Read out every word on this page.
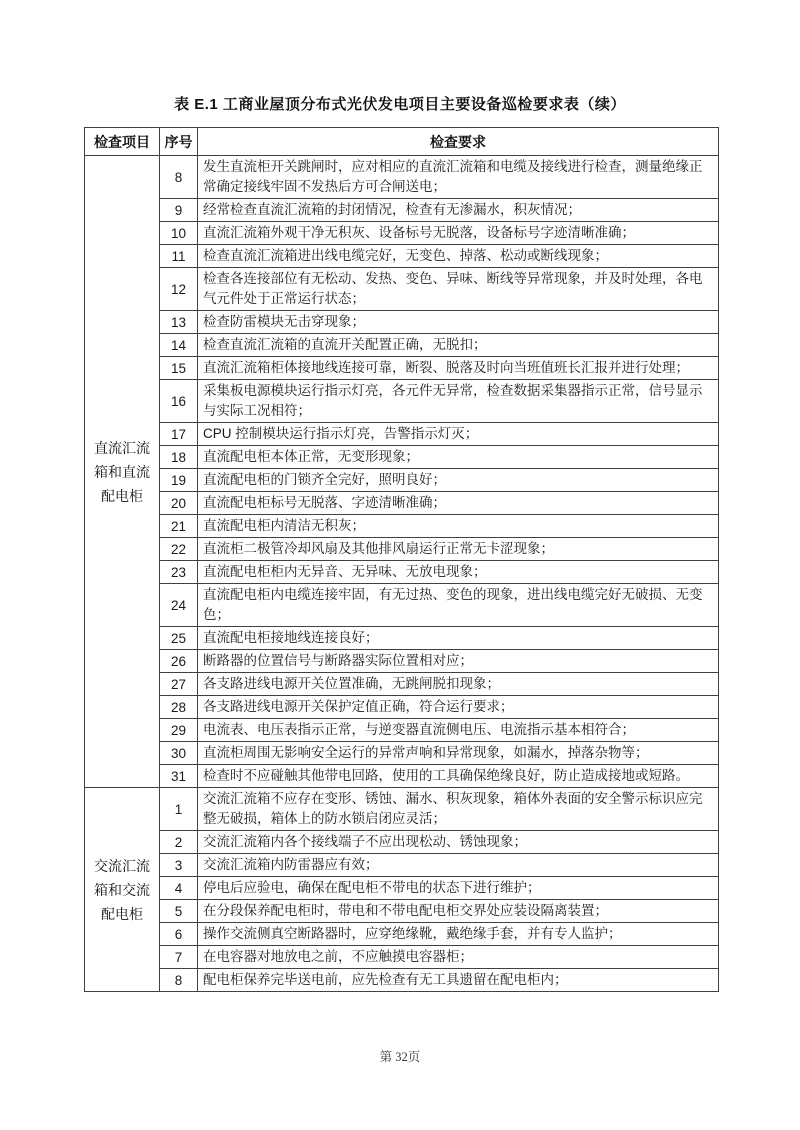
表 E.1 工商业屋顶分布式光伏发电项目主要设备巡检要求表（续）
检查项目	序号	检查要求
直流汇流箱和直流配电柜	8	发生直流柜开关跳闸时，应对相应的直流汇流箱和电缆及接线进行检查，测量绝缘正常确定接线牢固不发热后方可合闸送电；
	9	经常检查直流汇流箱的封闭情况，检查有无渗漏水，积灰情况；
	10	直流汇流箱外观干净无积灰、设备标号无脱落，设备标号字迹清晰准确；
	11	检查直流汇流箱进出线电缆完好，无变色、掉落、松动或断线现象；
	12	检查各连接部位有无松动、发热、变色、异味、断线等异常现象，并及时处理，各电气元件处于正常运行状态；
	13	检查防雷模块无击穿现象；
	14	检查直流汇流箱的直流开关配置正确，无脱扣；
	15	直流汇流箱柜体接地线连接可靠，断裂、脱落及时向当班值班长汇报并进行处理；
	16	采集板电源模块运行指示灯亮，各元件无异常，检查数据采集器指示正常，信号显示与实际工况相符；
	17	CPU 控制模块运行指示灯亮，告警指示灯灭；
	18	直流配电柜本体正常，无变形现象；
	19	直流配电柜的门锁齐全完好，照明良好；
	20	直流配电柜标号无脱落、字迹清晰准确；
	21	直流配电柜内清洁无积灰；
	22	直流柜二极管冷却风扇及其他排风扇运行正常无卡涩现象；
	23	直流配电柜柜内无异音、无异味、无放电现象；
	24	直流配电柜内电缆连接牢固，有无过热、变色的现象，进出线电缆完好无破损、无变色；
	25	直流配电柜接地线连接良好；
	26	断路器的位置信号与断路器实际位置相对应；
	27	各支路进线电源开关位置准确，无跳闸脱扣现象；
	28	各支路进线电源开关保护定值正确，符合运行要求；
	29	电流表、电压表指示正常，与逆变器直流侧电压、电流指示基本相符合；
	30	直流柜周围无影响安全运行的异常声响和异常现象，如漏水，掉落杂物等；
	31	检查时不应碰触其他带电回路，使用的工具确保绝缘良好，防止造成接地或短路。
交流汇流箱和交流配电柜	1	交流汇流箱不应存在变形、锈蚀、漏水、积灰现象，箱体外表面的安全警示标识应完整无破损，箱体上的防水锁启闭应灵活；
	2	交流汇流箱内各个接线端子不应出现松动、锈蚀现象；
	3	交流汇流箱内防雷器应有效；
	4	停电后应验电，确保在配电柜不带电的状态下进行维护；
	5	在分段保养配电柜时，带电和不带电配电柜交界处应装设隔离装置；
	6	操作交流侧真空断路器时，应穿绝缘靴，戴绝缘手套，并有专人监护；
	7	在电容器对地放电之前，不应触摸电容器柜；
	8	配电柜保养完毕送电前，应先检查有无工具遗留在配电柜内；
第 32页
